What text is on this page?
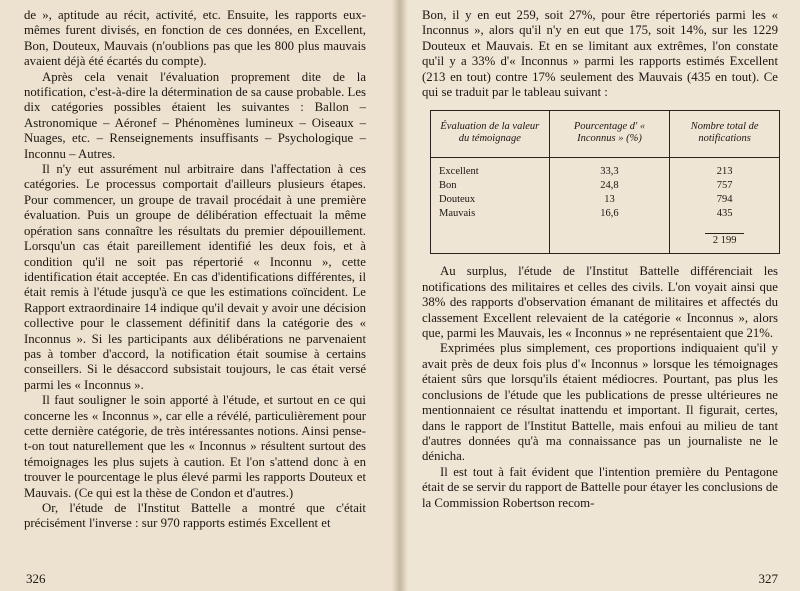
de », aptitude au récit, activité, etc. Ensuite, les rapports eux-mêmes furent divisés, en fonction de ces données, en Excellent, Bon, Douteux, Mauvais (n'oublions pas que les 800 plus mauvais avaient déjà été écartés du compte).

Après cela venait l'évaluation proprement dite de la notification, c'est-à-dire la détermination de sa cause probable. Les dix catégories possibles étaient les suivantes : Ballon – Astronomique – Aéronef – Phénomènes lumineux – Oiseaux – Nuages, etc. – Renseignements insuffisants – Psychologique – Inconnu – Autres.

Il n'y eut assurément nul arbitraire dans l'affectation à ces catégories. Le processus comportait d'ailleurs plusieurs étapes. Pour commencer, un groupe de travail procédait à une première évaluation. Puis un groupe de délibération effectuait la même opération sans connaître les résultats du premier dépouillement. Lorsqu'un cas était pareillement identifié les deux fois, et à condition qu'il ne soit pas répertorié « Inconnu », cette identification était acceptée. En cas d'identifications différentes, il était remis à l'étude jusqu'à ce que les estimations coïncident. Le Rapport extraordinaire 14 indique qu'il devait y avoir une décision collective pour le classement définitif dans la catégorie des « Inconnus ». Si les participants aux délibérations ne parvenaient pas à tomber d'accord, la notification était soumise à certains conseillers. Si le désaccord subsistait toujours, le cas était versé parmi les « Inconnus ».

Il faut souligner le soin apporté à l'étude, et surtout en ce qui concerne les « Inconnus », car elle a révélé, particulièrement pour cette dernière catégorie, de très intéressantes notions. Ainsi pense-t-on tout naturellement que les « Inconnus » résultent surtout des témoignages les plus sujets à caution. Et l'on s'attend donc à en trouver le pourcentage le plus élevé parmi les rapports Douteux et Mauvais. (Ce qui est la thèse de Condon et d'autres.)

Or, l'étude de l'Institut Battelle a montré que c'était précisément l'inverse : sur 970 rapports estimés Excellent et

326

Bon, il y en eut 259, soit 27%, pour être répertoriés parmi les « Inconnus », alors qu'il n'y en eut que 175, soit 14%, sur les 1229 Douteux et Mauvais. Et en se limitant aux extrêmes, l'on constate qu'il y a 33% d'« Inconnus » parmi les rapports estimés Excellent (213 en tout) contre 17% seulement des Mauvais (435 en tout). Ce qui se traduit par le tableau suivant :

Évaluation de la valeur du témoignage	Pourcentage d' « Inconnus » (%)	Nombre total de notifications
Excellent	33,3	213
Bon	24,8	757
Douteux	13	794
Mauvais	16,6	435
		2 199

Au surplus, l'étude de l'Institut Battelle différenciait les notifications des militaires et celles des civils. L'on voyait ainsi que 38% des rapports d'observation émanant de militaires et affectés du classement Excellent relevaient de la catégorie « Inconnus », alors que, parmi les Mauvais, les « Inconnus » ne représentaient que 21%.

Exprimées plus simplement, ces proportions indiquaient qu'il y avait près de deux fois plus d'« Inconnus » lorsque les témoignages étaient sûrs que lorsqu'ils étaient médiocres. Pourtant, pas plus les conclusions de l'étude que les publications de presse ultérieures ne mentionnaient ce résultat inattendu et important. Il figurait, certes, dans le rapport de l'Institut Battelle, mais enfoui au milieu de tant d'autres données qu'à ma connaissance pas un journaliste ne le dénicha.

Il est tout à fait évident que l'intention première du Pentagone était de se servir du rapport de Battelle pour étayer les conclusions de la Commission Robertson recom-

327
